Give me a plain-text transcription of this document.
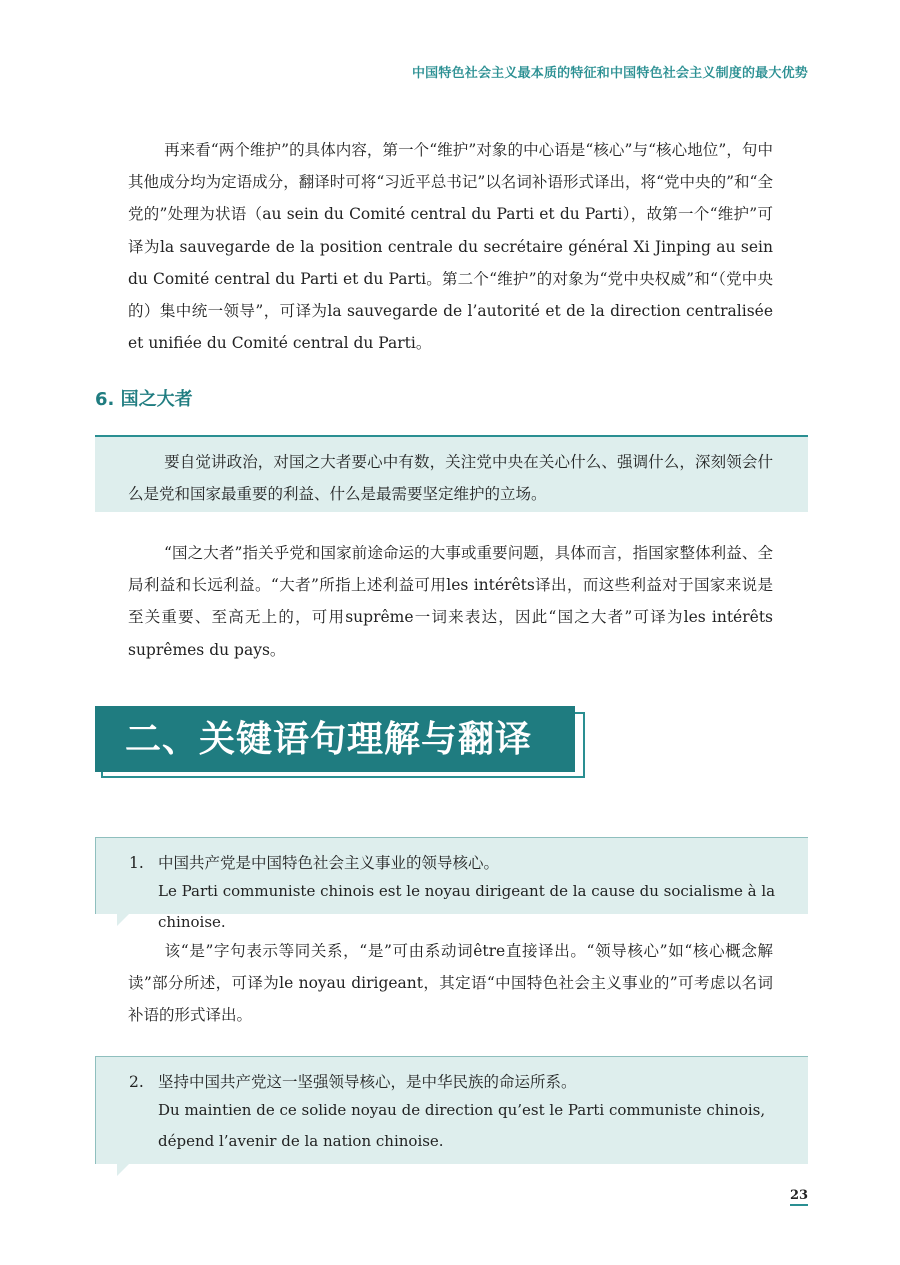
中国特色社会主义最本质的特征和中国特色社会主义制度的最大优势

再来看“两个维护”的具体内容，第一个“维护”对象的中心语是“核心”与“核心地位”，句中其他成分均为定语成分，翻译时可将“习近平总书记”以名词补语形式译出，将“党中央的”和“全党的”处理为状语（au sein du Comité central du Parti et du Parti），故第一个“维护”可译为la sauvegarde de la position centrale du secrétaire général Xi Jinping au sein du Comité central du Parti et du Parti。第二个“维护”的对象为“党中央权威”和“（党中央的）集中统一领导”，可译为la sauvegarde de l’autorité et de la direction centralisée et unifiée du Comité central du Parti。

6. 国之大者

要自觉讲政治，对国之大者要心中有数，关注党中央在关心什么、强调什么，深刻领会什么是党和国家最重要的利益、什么是最需要坚定维护的立场。

“国之大者”指关乎党和国家前途命运的大事或重要问题，具体而言，指国家整体利益、全局利益和长远利益。“大者”所指上述利益可用les intérêts译出，而这些利益对于国家来说是至关重要、至高无上的，可用suprême一词来表达，因此“国之大者”可译为les intérêts suprêmes du pays。

二、关键语句理解与翻译

1. 中国共产党是中国特色社会主义事业的领导核心。

Le Parti communiste chinois est le noyau dirigeant de la cause du socialisme à la chinoise.

该“是”字句表示等同关系，“是”可由系动词être直接译出。“领导核心”如“核心概念解读”部分所述，可译为le noyau dirigeant，其定语“中国特色社会主义事业的”可考虑以名词补语的形式译出。

2. 坚持中国共产党这一坚强领导核心，是中华民族的命运所系。

Du maintien de ce solide noyau de direction qu’est le Parti communiste chinois, dépend l’avenir de la nation chinoise.

23
